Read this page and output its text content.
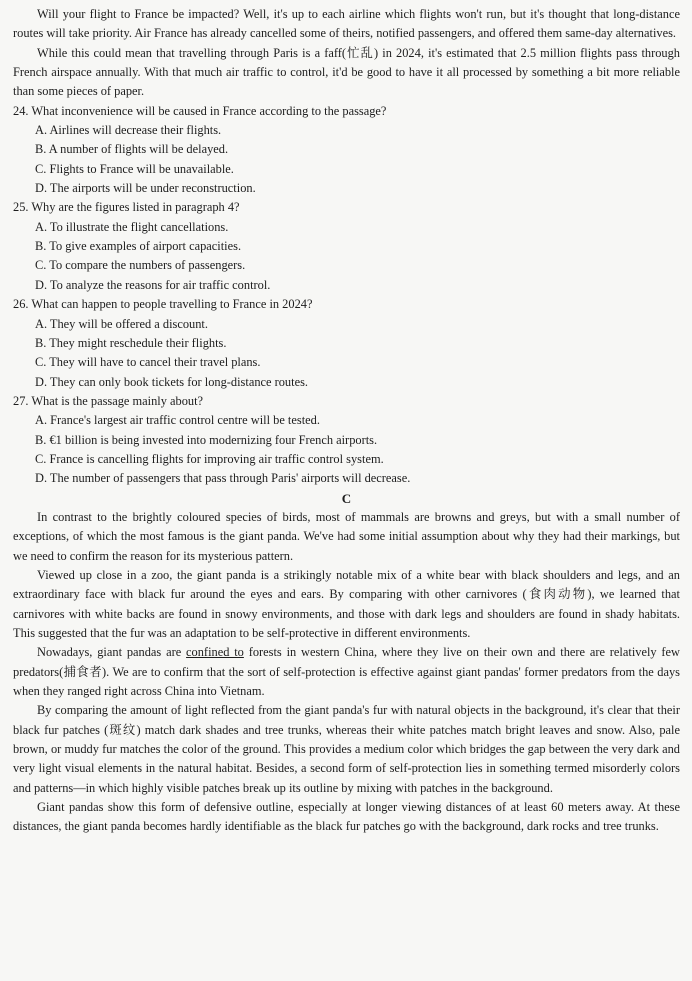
Will your flight to France be impacted? Well, it's up to each airline which flights won't run, but it's thought that long-distance routes will take priority. Air France has already cancelled some of theirs, notified passengers, and offered them same-day alternatives.

While this could mean that travelling through Paris is a faff(忙乱) in 2024, it's estimated that 2.5 million flights pass through French airspace annually. With that much air traffic to control, it'd be good to have it all processed by something a bit more reliable than some pieces of paper.

24. What inconvenience will be caused in France according to the passage?

A. Airlines will decrease their flights.

B. A number of flights will be delayed.

C. Flights to France will be unavailable.

D. The airports will be under reconstruction.

25. Why are the figures listed in paragraph 4?

A. To illustrate the flight cancellations.

B. To give examples of airport capacities.

C. To compare the numbers of passengers.

D. To analyze the reasons for air traffic control.

26. What can happen to people travelling to France in 2024?

A. They will be offered a discount.

B. They might reschedule their flights.

C. They will have to cancel their travel plans.

D. They can only book tickets for long-distance routes.

27. What is the passage mainly about?

A. France's largest air traffic control centre will be tested.

B. €1 billion is being invested into modernizing four French airports.

C. France is cancelling flights for improving air traffic control system.

D. The number of passengers that pass through Paris' airports will decrease.

C

In contrast to the brightly coloured species of birds, most of mammals are browns and greys, but with a small number of exceptions, of which the most famous is the giant panda. We've had some initial assumption about why they had their markings, but we need to confirm the reason for its mysterious pattern.

Viewed up close in a zoo, the giant panda is a strikingly notable mix of a white bear with black shoulders and legs, and an extraordinary face with black fur around the eyes and ears. By comparing with other carnivores (食肉动物), we learned that carnivores with white backs are found in snowy environments, and those with dark legs and shoulders are found in shady habitats. This suggested that the fur was an adaptation to be self-protective in different environments.

Nowadays, giant pandas are confined to forests in western China, where they live on their own and there are relatively few predators(捕食者). We are to confirm that the sort of self-protection is effective against giant pandas' former predators from the days when they ranged right across China into Vietnam.

By comparing the amount of light reflected from the giant panda's fur with natural objects in the background, it's clear that their black fur patches (斑纹) match dark shades and tree trunks, whereas their white patches match bright leaves and snow. Also, pale brown, or muddy fur matches the color of the ground. This provides a medium color which bridges the gap between the very dark and very light visual elements in the natural habitat. Besides, a second form of self-protection lies in something termed misorderly colors and patterns—in which highly visible patches break up its outline by mixing with patches in the background.

Giant pandas show this form of defensive outline, especially at longer viewing distances of at least 60 meters away. At these distances, the giant panda becomes hardly identifiable as the black fur patches go with the background, dark rocks and tree trunks.
